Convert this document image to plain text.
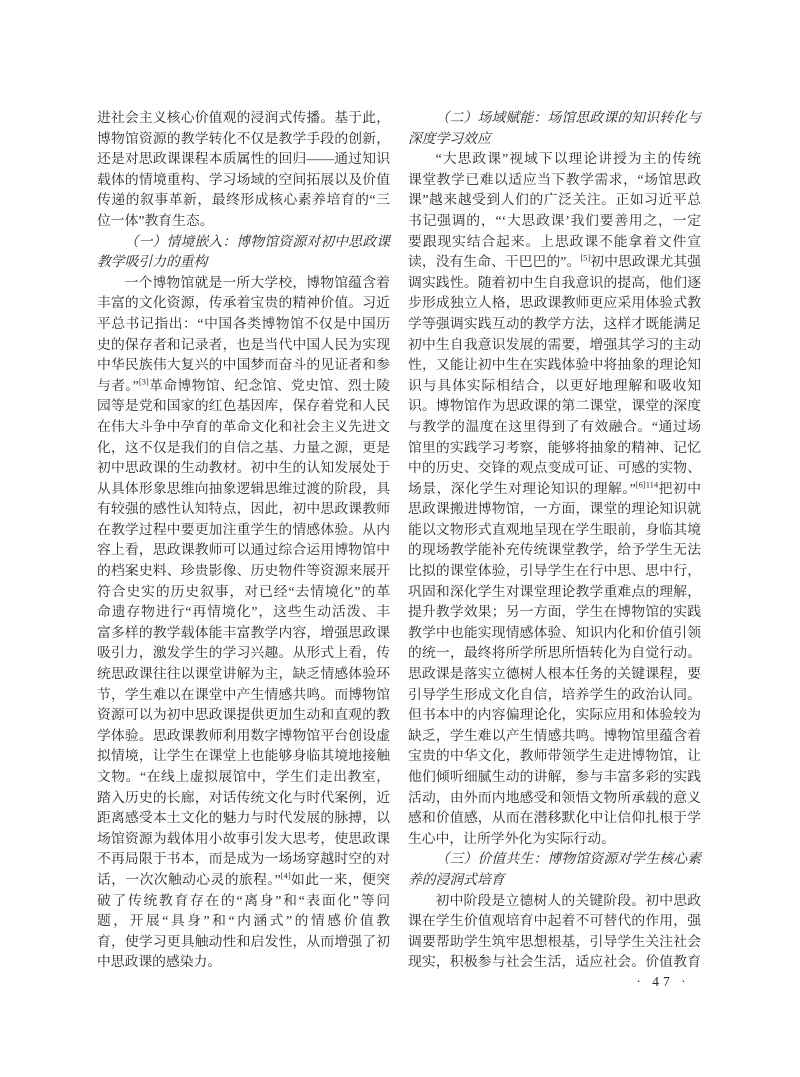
进社会主义核心价值观的浸润式传播。基于此，
博物馆资源的教学转化不仅是教学手段的创新，
还是对思政课课程本质属性的回归——通过知识
载体的情境重构、学习场域的空间拓展以及价值
传递的叙事革新，最终形成核心素养培育的“三
位一体”教育生态。
（一）情境嵌入：博物馆资源对初中思政课
教学吸引力的重构
一个博物馆就是一所大学校，博物馆蕴含着
丰富的文化资源，传承着宝贵的精神价值。习近
平总书记指出：“中国各类博物馆不仅是中国历
史的保存者和记录者，也是当代中国人民为实现
中华民族伟大复兴的中国梦而奋斗的见证者和参
与者。”[3]革命博物馆、纪念馆、党史馆、烈士陵
园等是党和国家的红色基因库，保存着党和人民
在伟大斗争中孕育的革命文化和社会主义先进文
化，这不仅是我们的自信之基、力量之源，更是
初中思政课的生动教材。初中生的认知发展处于
从具体形象思维向抽象逻辑思维过渡的阶段，具
有较强的感性认知特点，因此，初中思政课教师
在教学过程中要更加注重学生的情感体验。从内
容上看，思政课教师可以通过综合运用博物馆中
的档案史料、珍贵影像、历史物件等资源来展开
符合史实的历史叙事，对已经“去情境化”的革
命遗存物进行“再情境化”，这些生动活泼、丰
富多样的教学载体能丰富教学内容，增强思政课
吸引力，激发学生的学习兴趣。从形式上看，传
统思政课往往以课堂讲解为主，缺乏情感体验环
节，学生难以在课堂中产生情感共鸣。而博物馆
资源可以为初中思政课提供更加生动和直观的教
学体验。思政课教师利用数字博物馆平台创设虚
拟情境，让学生在课堂上也能够身临其境地接触
文物。“在线上虚拟展馆中，学生们走出教室，
踏入历史的长廊，对话传统文化与时代案例，近
距离感受本土文化的魅力与时代发展的脉搏，以
场馆资源为载体用小故事引发大思考，使思政课
不再局限于书本，而是成为一场场穿越时空的对
话，一次次触动心灵的旅程。”[4]如此一来，便突
破了传统教育存在的“离身”和“表面化”等问
题，开展“具身”和“内涵式”的情感价值教
育，使学习更具触动性和启发性，从而增强了初
中思政课的感染力。
（二）场域赋能：场馆思政课的知识转化与
深度学习效应
“大思政课”视域下以理论讲授为主的传统
课堂教学已难以适应当下教学需求，“场馆思政
课”越来越受到人们的广泛关注。正如习近平总
书记强调的，“‘大思政课’我们要善用之，一定
要跟现实结合起来。上思政课不能拿着文件宣
读，没有生命、干巴巴的”。[5]初中思政课尤其强
调实践性。随着初中生自我意识的提高，他们逐
步形成独立人格，思政课教师更应采用体验式教
学等强调实践互动的教学方法，这样才既能满足
初中生自我意识发展的需要，增强其学习的主动
性，又能让初中生在实践体验中将抽象的理论知
识与具体实际相结合，以更好地理解和吸收知
识。博物馆作为思政课的第二课堂，课堂的深度
与教学的温度在这里得到了有效融合。“通过场
馆里的实践学习考察，能够将抽象的精神、记忆
中的历史、交锋的观点变成可证、可感的实物、
场景，深化学生对理论知识的理解。”$^{[6]114}$把初中
思政课搬进博物馆，一方面，课堂的理论知识就
能以文物形式直观地呈现在学生眼前，身临其境
的现场教学能补充传统课堂教学，给予学生无法
比拟的课堂体验，引导学生在行中思、思中行，
巩固和深化学生对课堂理论教学重难点的理解，
提升教学效果；另一方面，学生在博物馆的实践
教学中也能实现情感体验、知识内化和价值引领
的统一，最终将所学所思所悟转化为自觉行动。
思政课是落实立德树人根本任务的关键课程，要
引导学生形成文化自信，培养学生的政治认同。
但书本中的内容偏理论化，实际应用和体验较为
缺乏，学生难以产生情感共鸣。博物馆里蕴含着
宝贵的中华文化，教师带领学生走进博物馆，让
他们倾听细腻生动的讲解，参与丰富多彩的实践
活动，由外而内地感受和领悟文物所承载的意义
感和价值感，从而在潜移默化中让信仰扎根于学
生心中，让所学外化为实际行动。
（三）价值共生：博物馆资源对学生核心素
养的浸润式培育
初中阶段是立德树人的关键阶段。初中思政
课在学生价值观培育中起着不可替代的作用，强
调要帮助学生筑牢思想根基，引导学生关注社会
现实，积极参与社会生活，适应社会。价值教育
· 47 ·
